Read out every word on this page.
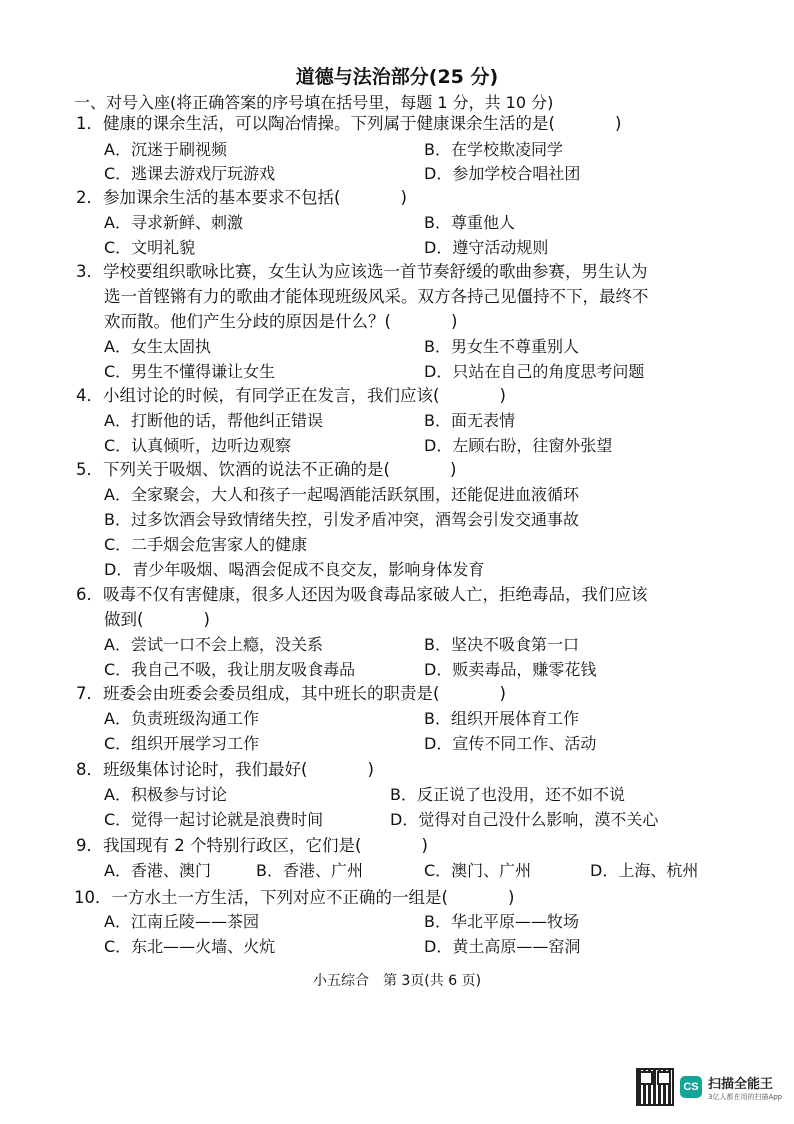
道德与法治部分(25 分)
一、对号入座(将正确答案的序号填在括号里，每题 1 分，共 10 分)
1．健康的课余生活，可以陶冶情操。下列属于健康课余生活的是(	)
A．沉迷于刷视频	B．在学校欺凌同学
C．逃课去游戏厅玩游戏	D．参加学校合唱社团
2．参加课余生活的基本要求不包括(	)
A．寻求新鲜、刺激	B．尊重他人
C．文明礼貌	D．遵守活动规则
3．学校要组织歌咏比赛，女生认为应该选一首节奏舒缓的歌曲参赛，男生认为
选一首铿锵有力的歌曲才能体现班级风采。双方各持己见僵持不下，最终不
欢而散。他们产生分歧的原因是什么？(	)
A．女生太固执	B．男女生不尊重别人
C．男生不懂得谦让女生	D．只站在自己的角度思考问题
4．小组讨论的时候，有同学正在发言，我们应该(	)
A．打断他的话，帮他纠正错误	B．面无表情
C．认真倾听，边听边观察	D．左顾右盼，往窗外张望
5．下列关于吸烟、饮酒的说法不正确的是(	)
A．全家聚会，大人和孩子一起喝酒能活跃氛围，还能促进血液循环
B．过多饮酒会导致情绪失控，引发矛盾冲突，酒驾会引发交通事故
C．二手烟会危害家人的健康
D．青少年吸烟、喝酒会促成不良交友，影响身体发育
6．吸毒不仅有害健康，很多人还因为吸食毒品家破人亡，拒绝毒品，我们应该
做到(	)
A．尝试一口不会上瘾，没关系	B．坚决不吸食第一口
C．我自己不吸，我让朋友吸食毒品	D．贩卖毒品，赚零花钱
7．班委会由班委会委员组成，其中班长的职责是(	)
A．负责班级沟通工作	B．组织开展体育工作
C．组织开展学习工作	D．宣传不同工作、活动
8．班级集体讨论时，我们最好(	)
A．积极参与讨论	B．反正说了也没用，还不如不说
C．觉得一起讨论就是浪费时间	D．觉得对自己没什么影响，漠不关心
9．我国现有 2 个特别行政区，它们是(	)
A．香港、澳门	B．香港、广州	C．澳门、广州	D．上海、杭州
10．一方水土一方生活，下列对应不正确的一组是(	)
A．江南丘陵——茶园	B．华北平原——牧场
C．东北——火墙、火炕	D．黄土高原——窑洞
小五综合　第 3页(共 6 页)
CS 扫描全能王
3亿人都在用的扫描App
